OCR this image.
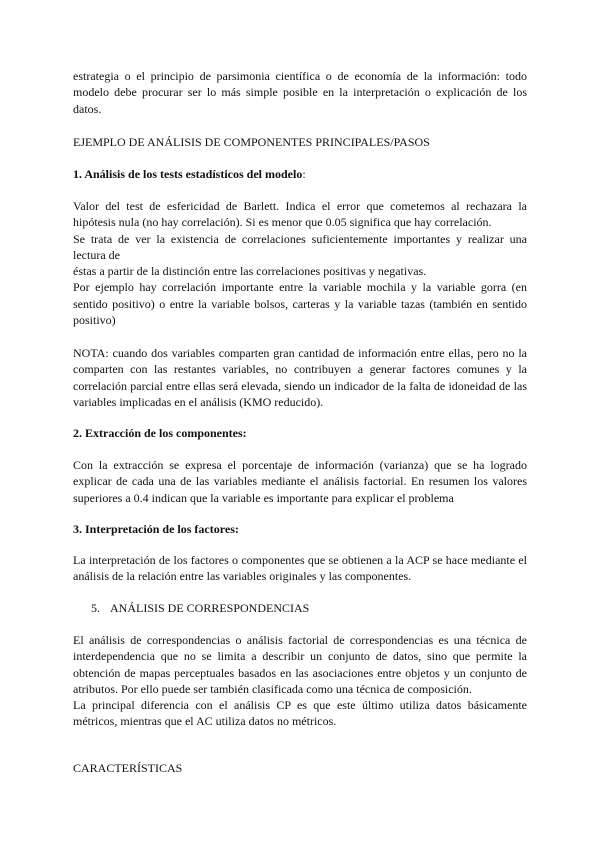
estrategia o el principio de parsimonia científica o de economía de la información: todo
modelo debe procurar ser lo más simple posible en la interpretación o explicación de los
datos.
EJEMPLO DE ANÁLISIS DE COMPONENTES PRINCIPALES/PASOS
1. Análisis de los tests estadísticos del modelo:
Valor del test de esfericidad de Barlett. Indica el error que cometemos al rechazara la
hipótesis nula (no hay correlación). Si es menor que 0.05 significa que hay correlación.
Se trata de ver la existencia de correlaciones suficientemente importantes y realizar una
lectura de
éstas a partir de la distinción entre las correlaciones positivas y negativas.
Por ejemplo hay correlación importante entre la variable mochila y la variable gorra (en
sentido positivo) o entre la variable bolsos, carteras y la variable tazas (también en sentido
positivo)
NOTA: cuando dos variables comparten gran cantidad de información entre ellas, pero no la
comparten con las restantes variables, no contribuyen a generar factores comunes y la
correlación parcial entre ellas será elevada, siendo un indicador de la falta de idoneidad de las
variables implicadas en el análisis (KMO reducido).
2. Extracción de los componentes:
Con la extracción se expresa el porcentaje de información (varianza) que se ha logrado
explicar de cada una de las variables mediante el análisis factorial. En resumen los valores
superiores a 0.4 indican que la variable es importante para explicar el problema
3. Interpretación de los factores:
La interpretación de los factores o componentes que se obtienen a la ACP se hace mediante el
análisis de la relación entre las variables originales y las componentes.
5. ANÁLISIS DE CORRESPONDENCIAS
El análisis de correspondencias o análisis factorial de correspondencias es una técnica de
interdependencia que no se limita a describir un conjunto de datos, sino que permite la
obtención de mapas perceptuales basados en las asociaciones entre objetos y un conjunto de
atributos. Por ello puede ser también clasificada como una técnica de composición.
La principal diferencia con el análisis CP es que este último utiliza datos básicamente
métricos, mientras que el AC utiliza datos no métricos.
CARACTERÍSTICAS
